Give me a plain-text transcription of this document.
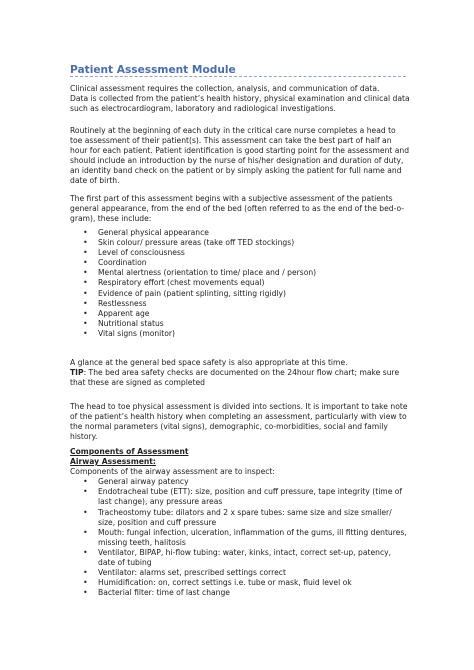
Patient Assessment Module

Clinical assessment requires the collection, analysis, and communication of data.

Data is collected from the patient’s health history, physical examination and clinical data such as electrocardiogram, laboratory and radiological investigations.

Routinely at the beginning of each duty in the critical care nurse completes a head to toe assessment of their patient(s). This assessment can take the best part of half an hour for each patient. Patient identification is good starting point for the assessment and should include an introduction by the nurse of his/her designation and duration of duty, an identity band check on the patient or by simply asking the patient for full name and date of birth.

The first part of this assessment begins with a subjective assessment of the patients general appearance, from the end of the bed (often referred to as the end of the bed-o-gram), these include:

• General physical appearance
• Skin colour/ pressure areas (take off TED stockings)
• Level of consciousness
• Coordination
• Mental alertness (orientation to time/ place and / person)
• Respiratory effort (chest movements equal)
• Evidence of pain (patient splinting, sitting rigidly)
• Restlessness
• Apparent age
• Nutritional status
• Vital signs (monitor)

A glance at the general bed space safety is also appropriate at this time.

TIP: The bed area safety checks are documented on the 24hour flow chart; make sure that these are signed as completed

The head to toe physical assessment is divided into sections. It is important to take note of the patient’s health history when completing an assessment, particularly with view to the normal parameters (vital signs), demographic, co-morbidities, social and family history.

Components of Assessment

Airway Assessment:

Components of the airway assessment are to inspect:

• General airway patency
• Endotracheal tube (ETT): size, position and cuff pressure, tape integrity (time of last change), any pressure areas
• Tracheostomy tube: dilators and 2 x spare tubes: same size and size smaller/ size, position and cuff pressure
• Mouth: fungal infection, ulceration, inflammation of the gums, ill fitting dentures, missing teeth, halitosis
• Ventilator, BIPAP, hi-flow tubing: water, kinks, intact, correct set-up, patency, date of tubing
• Ventilator: alarms set, prescribed settings correct
• Humidification: on, correct settings i.e. tube or mask, fluid level ok
• Bacterial filter: time of last change
